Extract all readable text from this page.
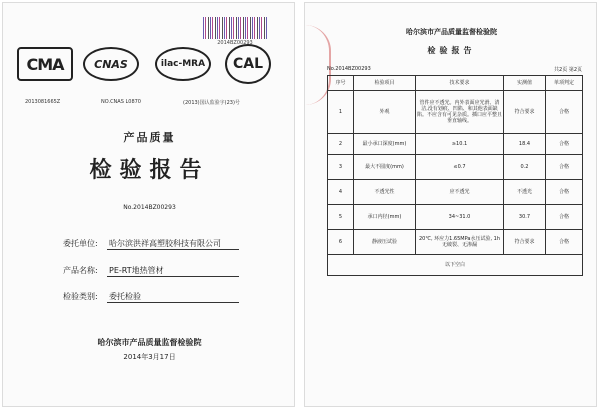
2014BZ00293
CMA	CNAS	ilac-MRA	CAL
2013081665Z	NO.CNAS L0870	(2013)国认监验字(23)号
产品质量
检验报告
No.2014BZ00293
委托单位: 哈尔滨洪祥高塑胶科技有限公司
产品名称: PE-RT地热管材
检验类别: 委托检验
哈尔滨市产品质量监督检验院
2014年3月17日
哈尔滨市产品质量监督检验院
检验报告
No.2014BZ00293	共2页 第2页
序号	检验项目	技术要求	实测值	单项判定
1	外观	管件应不透光。内外表面应光滑、清洁,没有划痕、凹陷、和其他表面缺陷。不应含有可见杂质。插口应平整且垂直轴线。	符合要求	合格
2	最小承口深度(mm)	≥10.1	18.4	合格
3	最大不圆度(mm)	≤0.7	0.2	合格
4	不透光性	应不透光	不透光	合格
5	承口内径(mm)	34~31.0	30.7	合格
6	静液压试验	20℃, 环应力1.65MPa水压试验, 1h无破裂、无渗漏	符合要求	合格
以下空白				
